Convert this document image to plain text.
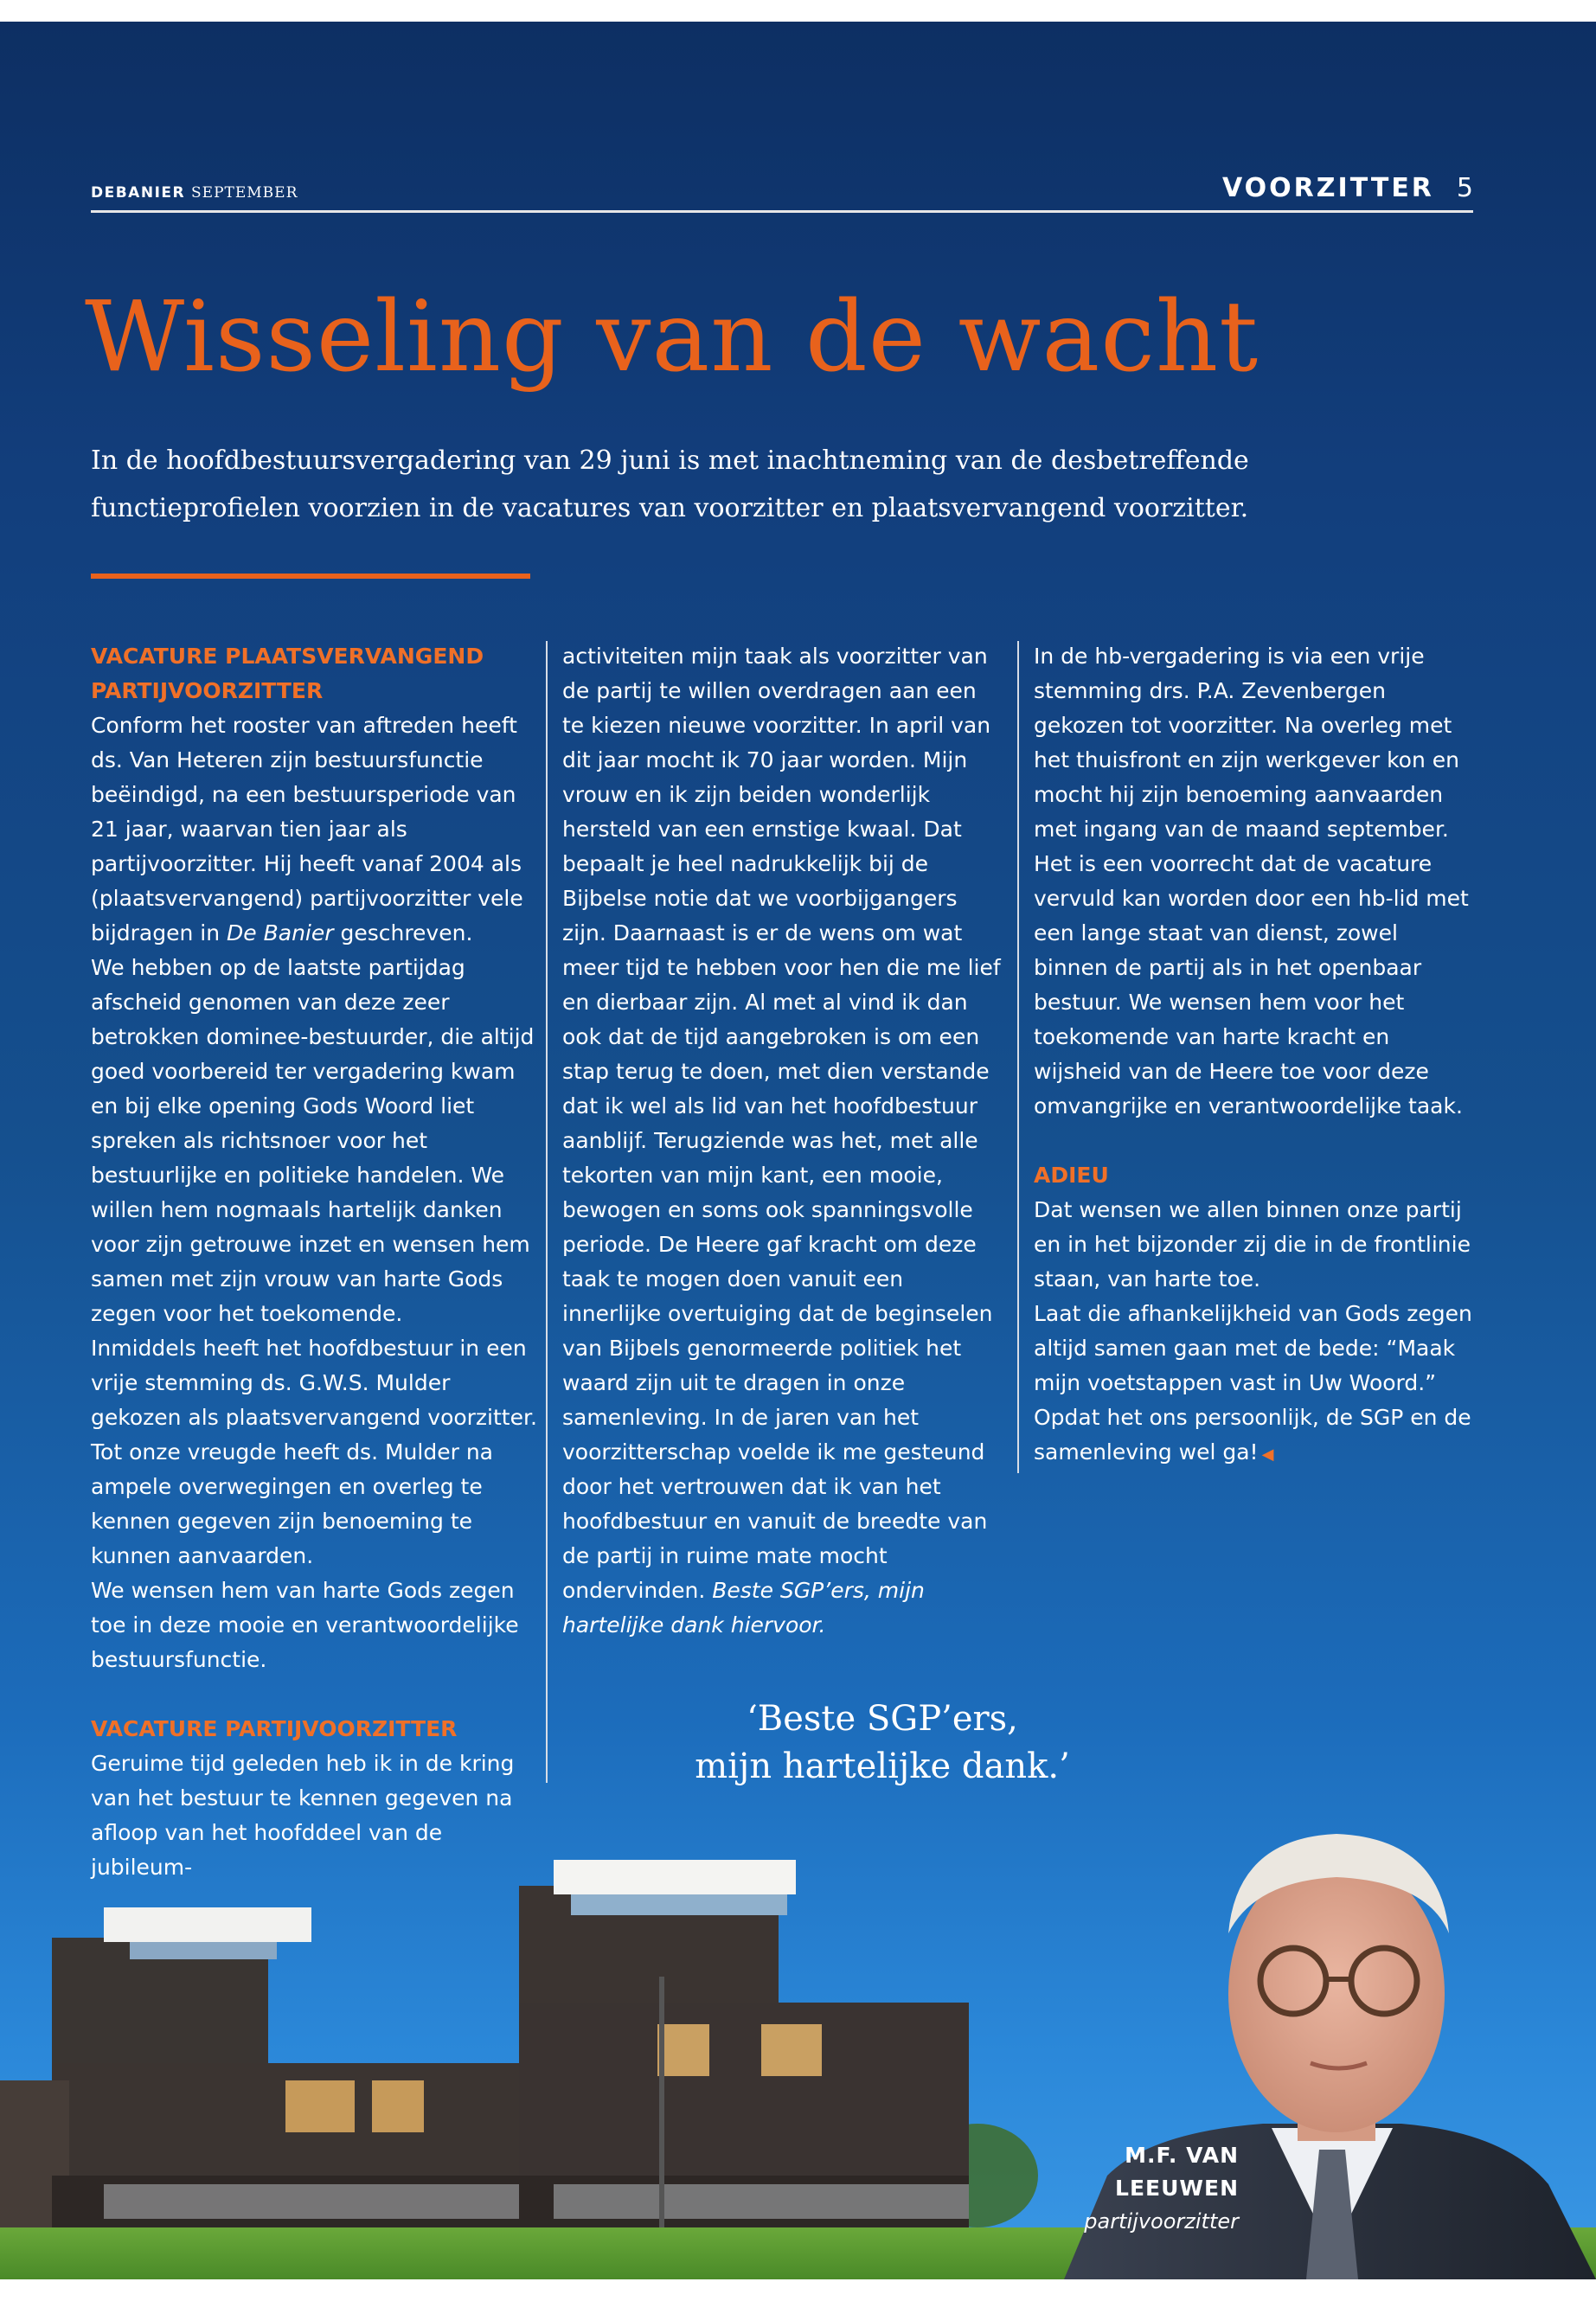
DEBANIER SEPTEMBER	VOORZITTER 5
Wisseling van de wacht
In de hoofdbestuursvergadering van 29 juni is met inachtneming van de desbetreffende functieprofielen voorzien in de vacatures van voorzitter en plaatsvervangend voorzitter.

VACATURE PLAATSVERVANGEND PARTIJVOORZITTER

Conform het rooster van aftreden heeft ds. Van Heteren zijn bestuursfunctie beëindigd, na een bestuursperiode van 21 jaar, waarvan tien jaar als partijvoorzitter. Hij heeft vanaf 2004 als (plaatsvervangend) partijvoorzitter vele bijdragen in De Banier geschreven.

We hebben op de laatste partijdag afscheid genomen van deze zeer betrokken dominee-bestuurder, die altijd goed voorbereid ter vergadering kwam en bij elke opening Gods Woord liet spreken als richtsnoer voor het bestuurlijke en politieke handelen. We willen hem nogmaals hartelijk danken voor zijn getrouwe inzet en wensen hem samen met zijn vrouw van harte Gods zegen voor het toekomende.

Inmiddels heeft het hoofdbestuur in een vrije stemming ds. G.W.S. Mulder gekozen als plaatsvervangend voorzitter. Tot onze vreugde heeft ds. Mulder na ampele overwegingen en overleg te kennen gegeven zijn benoeming te kunnen aanvaarden.

We wensen hem van harte Gods zegen toe in deze mooie en verantwoordelijke bestuursfunctie.

VACATURE PARTIJVOORZITTER

Geruime tijd geleden heb ik in de kring van het bestuur te kennen gegeven na afloop van het hoofddeel van de jubileum-

activiteiten mijn taak als voorzitter van de partij te willen overdragen aan een te kiezen nieuwe voorzitter. In april van dit jaar mocht ik 70 jaar worden. Mijn vrouw en ik zijn beiden wonderlijk hersteld van een ernstige kwaal. Dat bepaalt je heel nadrukkelijk bij de Bijbelse notie dat we voorbijgangers zijn. Daarnaast is er de wens om wat meer tijd te hebben voor hen die me lief en dierbaar zijn. Al met al vind ik dan ook dat de tijd aangebroken is om een stap terug te doen, met dien verstande dat ik wel als lid van het hoofdbestuur aanblijf. Terugziende was het, met alle tekorten van mijn kant, een mooie, bewogen en soms ook spanningsvolle periode. De Heere gaf kracht om deze taak te mogen doen vanuit een innerlijke overtuiging dat de beginselen van Bijbels genormeerde politiek het waard zijn uit te dragen in onze samenleving. In de jaren van het voorzitterschap voelde ik me gesteund door het vertrouwen dat ik van het hoofdbestuur en vanuit de breedte van de partij in ruime mate mocht ondervinden. Beste SGP’ers, mijn hartelijke dank hiervoor.

In de hb-vergadering is via een vrije stemming drs. P.A. Zevenbergen gekozen tot voorzitter. Na overleg met het thuisfront en zijn werkgever kon en mocht hij zijn benoeming aanvaarden met ingang van de maand september.

Het is een voorrecht dat de vacature vervuld kan worden door een hb-lid met een lange staat van dienst, zowel binnen de partij als in het openbaar bestuur. We wensen hem voor het toekomende van harte kracht en wijsheid van de Heere toe voor deze omvangrijke en verantwoordelijke taak.

ADIEU

Dat wensen we allen binnen onze partij en in het bijzonder zij die in de frontlinie staan, van harte toe.

Laat die afhankelijkheid van Gods zegen altijd samen gaan met de bede: “Maak mijn voetstappen vast in Uw Woord.” Opdat het ons persoonlijk, de SGP en de samenleving wel ga! ◀

‘Beste SGP’ers,
mijn hartelijke dank.’
M.F. VAN LEEUWEN
partijvoorzitter
